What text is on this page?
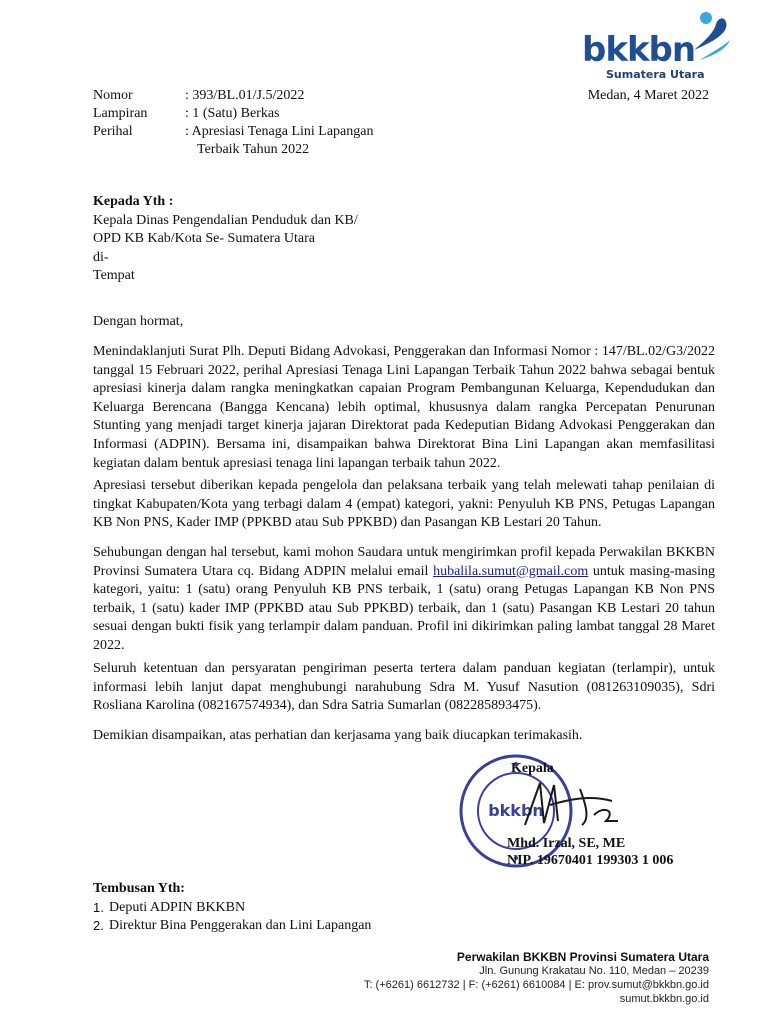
bkkbn
Sumatera Utara
Nomor	: 393/BL.01/J.5/2022
Lampiran	: 1 (Satu) Berkas
Perihal	: Apresiasi Tenaga Lini Lapangan
Terbaik Tahun 2022
Medan, 4 Maret 2022
Kepada Yth :
Kepala Dinas Pengendalian Penduduk dan KB/
OPD KB Kab/Kota Se- Sumatera Utara
di-
Tempat
Dengan hormat,
Menindaklanjuti Surat Plh. Deputi Bidang Advokasi, Penggerakan dan Informasi Nomor : 147/BL.02/G3/2022 tanggal 15 Februari 2022, perihal Apresiasi Tenaga Lini Lapangan Terbaik Tahun 2022 bahwa sebagai bentuk apresiasi kinerja dalam rangka meningkatkan capaian Program Pembangunan Keluarga, Kependudukan dan Keluarga Berencana (Bangga Kencana) lebih optimal, khususnya dalam rangka Percepatan Penurunan Stunting yang menjadi target kinerja jajaran Direktorat pada Kedeputian Bidang Advokasi Penggerakan dan Informasi (ADPIN). Bersama ini, disampaikan bahwa Direktorat Bina Lini Lapangan akan memfasilitasi kegiatan dalam bentuk apresiasi tenaga lini lapangan terbaik tahun 2022.
Apresiasi tersebut diberikan kepada pengelola dan pelaksana terbaik yang telah melewati tahap penilaian di tingkat Kabupaten/Kota yang terbagi dalam 4 (empat) kategori, yakni: Penyuluh KB PNS, Petugas Lapangan KB Non PNS, Kader IMP (PPKBD atau Sub PPKBD) dan Pasangan KB Lestari 20 Tahun.
Sehubungan dengan hal tersebut, kami mohon Saudara untuk mengirimkan profil kepada Perwakilan BKKBN Provinsi Sumatera Utara cq. Bidang ADPIN melalui email hubalila.sumut@gmail.com untuk masing-masing kategori, yaitu: 1 (satu) orang Penyuluh KB PNS terbaik, 1 (satu) orang Petugas Lapangan KB Non PNS terbaik, 1 (satu) kader IMP (PPKBD atau Sub PPKBD) terbaik, dan 1 (satu) Pasangan KB Lestari 20 tahun sesuai dengan bukti fisik yang terlampir dalam panduan. Profil ini dikirimkan paling lambat tanggal 28 Maret 2022.
Seluruh ketentuan dan persyaratan pengiriman peserta tertera dalam panduan kegiatan (terlampir), untuk informasi lebih lanjut dapat menghubungi narahubung Sdra M. Yusuf Nasution (081263109035), Sdri Rosliana Karolina (082167574934), dan Sdra Satria Sumarlan (082285893475).
Demikian disampaikan, atas perhatian dan kerjasama yang baik diucapkan terimakasih.
bkkbn
Kepala
Mhd. Irzal, SE, ME
NIP. 19670401 199303 1 006
Tembusan Yth:
1. Deputi ADPIN BKKBN
2. Direktur Bina Penggerakan dan Lini Lapangan
Perwakilan BKKBN Provinsi Sumatera Utara
Jln. Gunung Krakatau No. 110, Medan – 20239
T: (+6261) 6612732 | F: (+6261) 6610084 | E: prov.sumut@bkkbn.go.id
sumut.bkkbn.go.id
